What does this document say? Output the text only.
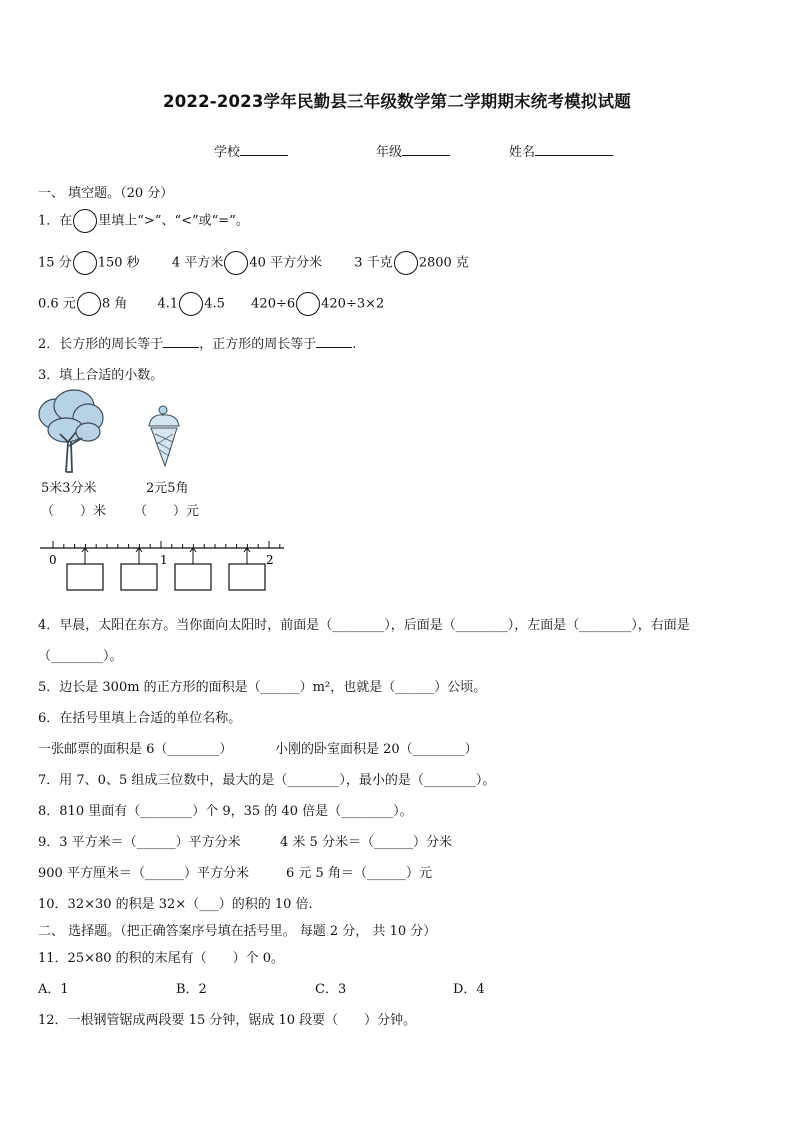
2022-2023学年民勤县三年级数学第二学期期末统考模拟试题
学校	年级	姓名
一、 填空题。（20 分）
1．在 里填上“>”、“<”或“=”。
15 分 150 秒 4 平方米 40 平方分米 3 千克 2800 克
0.6 元 8 角 4.1 4.5 420÷6 420÷3×2
2．长方形的周长等于	，正方形的周长等于	.
3．填上合适的小数。
5米3分米	2元5角
（　　）米 （　　）元
0	1	2
4．早晨，太阳在东方。当你面向太阳时，前面是（________），后面是（________），左面是（________），右面是
（________）。
5．边长是 300m 的正方形的面积是（______）m²，也就是（______）公顷。
6．在括号里填上合适的单位名称。
一张邮票的面积是 6（________）	小刚的卧室面积是 20（________）
7．用 7、0、5 组成三位数中，最大的是（________），最小的是（________）。
8．810 里面有（________）个 9，35 的 40 倍是（________）。
9．3 平方米＝（______）平方分米	4 米 5 分米＝（______）分米
900 平方厘米＝（______）平方分米	6 元 5 角＝（______）元
10．32×30 的积是 32×（___）的积的 10 倍.
二、 选择题。（把正确答案序号填在括号里。 每题 2 分， 共 10 分）
11．25×80 的积的末尾有（　　）个 0。
A．1	B．2	C．3	D．4
12．一根钢管锯成两段要 15 分钟，锯成 10 段要（　　）分钟。
